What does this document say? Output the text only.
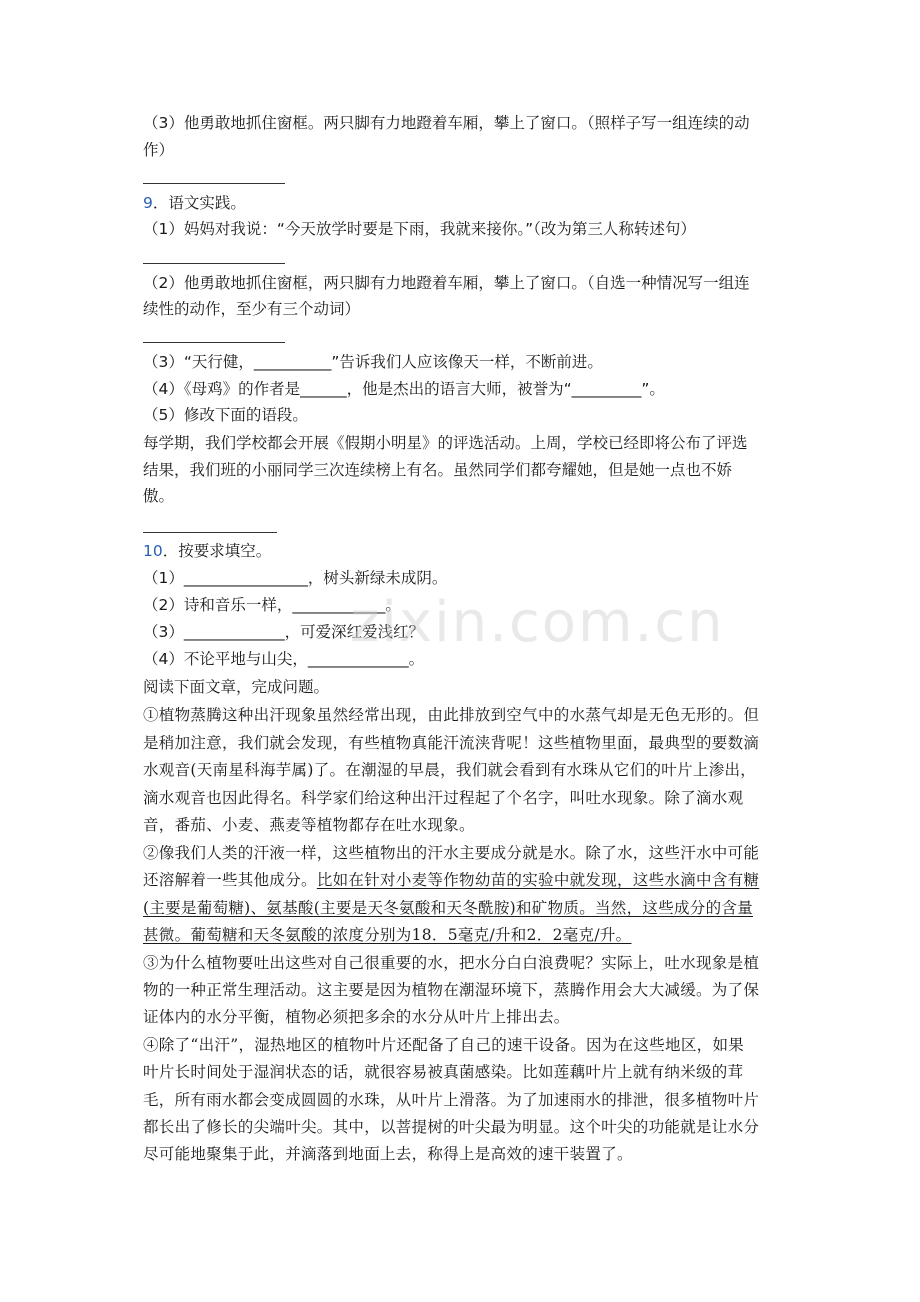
（3）他勇敢地抓住窗框。两只脚有力地蹬着车厢，攀上了窗口。（照样子写一组连续的动
作）
9．语文实践。
（1）妈妈对我说：“今天放学时要是下雨，我就来接你。”（改为第三人称转述句）
（2）他勇敢地抓住窗框，两只脚有力地蹬着车厢，攀上了窗口。（自选一种情况写一组连
续性的动作，至少有三个动词）
（3）“天行健，__________”告诉我们人应该像天一样，不断前进。
（4）《母鸡》的作者是______，他是杰出的语言大师，被誉为“_________”。
（5）修改下面的语段。
每学期，我们学校都会开展《假期小明星》的评选活动。上周，学校已经即将公布了评选
结果，我们班的小丽同学三次连续榜上有名。虽然同学们都夸耀她，但是她一点也不娇
傲。
10．按要求填空。
（1）________________，树头新绿未成阴。
（2）诗和音乐一样，____________。
（3）_____________，可爱深红爱浅红？
（4）不论平地与山尖，_____________。
阅读下面文章，完成问题。
①植物蒸腾这种出汗现象虽然经常出现，由此排放到空气中的水蒸气却是无色无形的。但
是稍加注意，我们就会发现，有些植物真能汗流浃背呢！这些植物里面，最典型的要数滴
水观音(天南星科海芋属)了。在潮湿的早晨，我们就会看到有水珠从它们的叶片上渗出，
滴水观音也因此得名。科学家们给这种出汗过程起了个名字，叫吐水现象。除了滴水观
音，番茄、小麦、燕麦等植物都存在吐水现象。
②像我们人类的汗液一样，这些植物出的汗水主要成分就是水。除了水，这些汗水中可能
还溶解着一些其他成分。比如在针对小麦等作物幼苗的实验中就发现，这些水滴中含有糖
(主要是葡萄糖)、氨基酸(主要是天冬氨酸和天冬酰胺)和矿物质。当然，这些成分的含量
甚微。葡萄糖和天冬氨酸的浓度分别为18．5毫克/升和2．2毫克/升。
③为什么植物要吐出这些对自己很重要的水，把水分白白浪费呢？实际上，吐水现象是植
物的一种正常生理活动。这主要是因为植物在潮湿环境下，蒸腾作用会大大减缓。为了保
证体内的水分平衡，植物必须把多余的水分从叶片上排出去。
④除了“出汗”，湿热地区的植物叶片还配备了自己的速干设备。因为在这些地区，如果
叶片长时间处于湿润状态的话，就很容易被真菌感染。比如莲藕叶片上就有纳米级的茸
毛，所有雨水都会变成圆圆的水珠，从叶片上滑落。为了加速雨水的排泄，很多植物叶片
都长出了修长的尖端叶尖。其中，以菩提树的叶尖最为明显。这个叶尖的功能就是让水分
尽可能地聚集于此，并滴落到地面上去，称得上是高效的速干装置了。
zixin.com.cn
